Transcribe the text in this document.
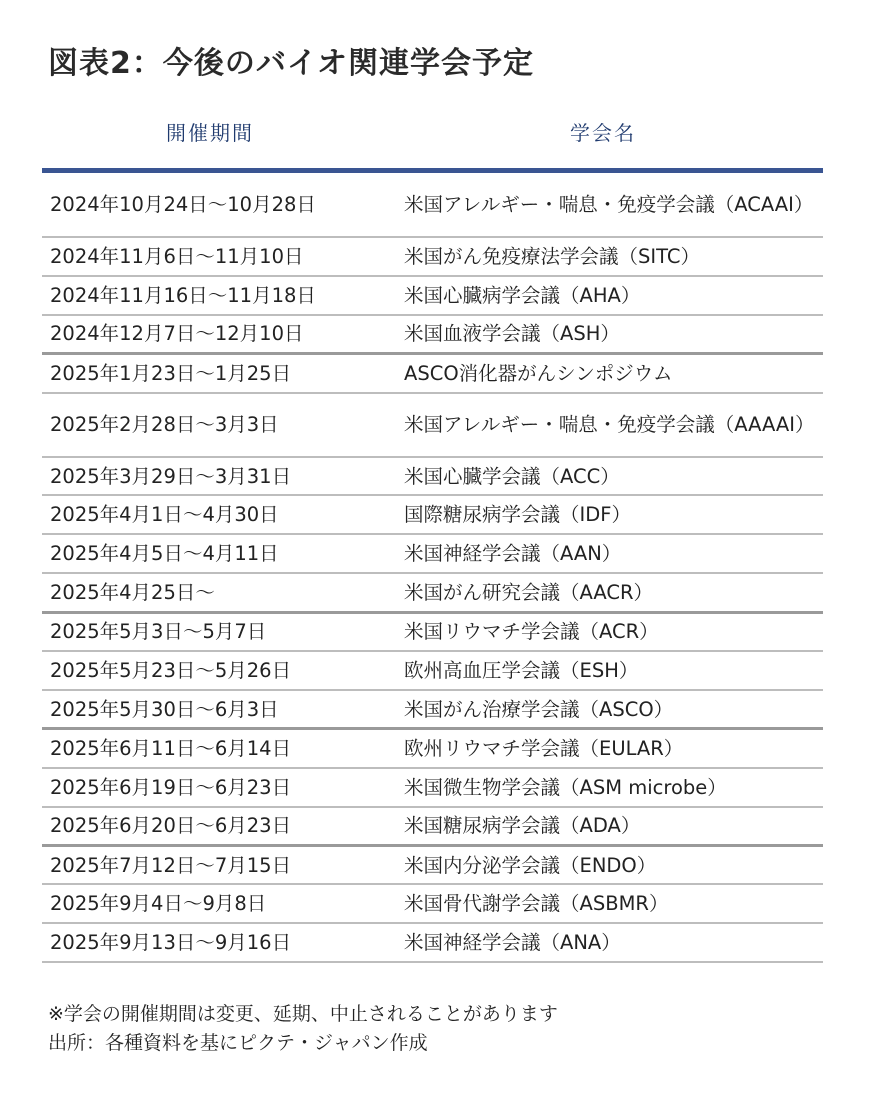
図表2：今後のバイオ関連学会予定
開催期間	学会名
2024年10月24日～10月28日	米国アレルギー・喘息・免疫学会議（ACAAI）
2024年11月6日～11月10日	米国がん免疫療法学会議（SITC）
2024年11月16日～11月18日	米国心臓病学会議（AHA）
2024年12月7日～12月10日	米国血液学会議（ASH）
2025年1月23日～1月25日	ASCO消化器がんシンポジウム
2025年2月28日～3月3日	米国アレルギー・喘息・免疫学会議（AAAAI）
2025年3月29日～3月31日	米国心臓学会議（ACC）
2025年4月1日～4月30日	国際糖尿病学会議（IDF）
2025年4月5日～4月11日	米国神経学会議（AAN）
2025年4月25日～	米国がん研究会議（AACR）
2025年5月3日～5月7日	米国リウマチ学会議（ACR）
2025年5月23日～5月26日	欧州高血圧学会議（ESH）
2025年5月30日～6月3日	米国がん治療学会議（ASCO）
2025年6月11日～6月14日	欧州リウマチ学会議（EULAR）
2025年6月19日～6月23日	米国微生物学会議（ASM microbe）
2025年6月20日～6月23日	米国糖尿病学会議（ADA）
2025年7月12日～7月15日	米国内分泌学会議（ENDO）
2025年9月4日～9月8日	米国骨代謝学会議（ASBMR）
2025年9月13日～9月16日	米国神経学会議（ANA）
※学会の開催期間は変更、延期、中止されることがあります
出所：各種資料を基にピクテ・ジャパン作成
